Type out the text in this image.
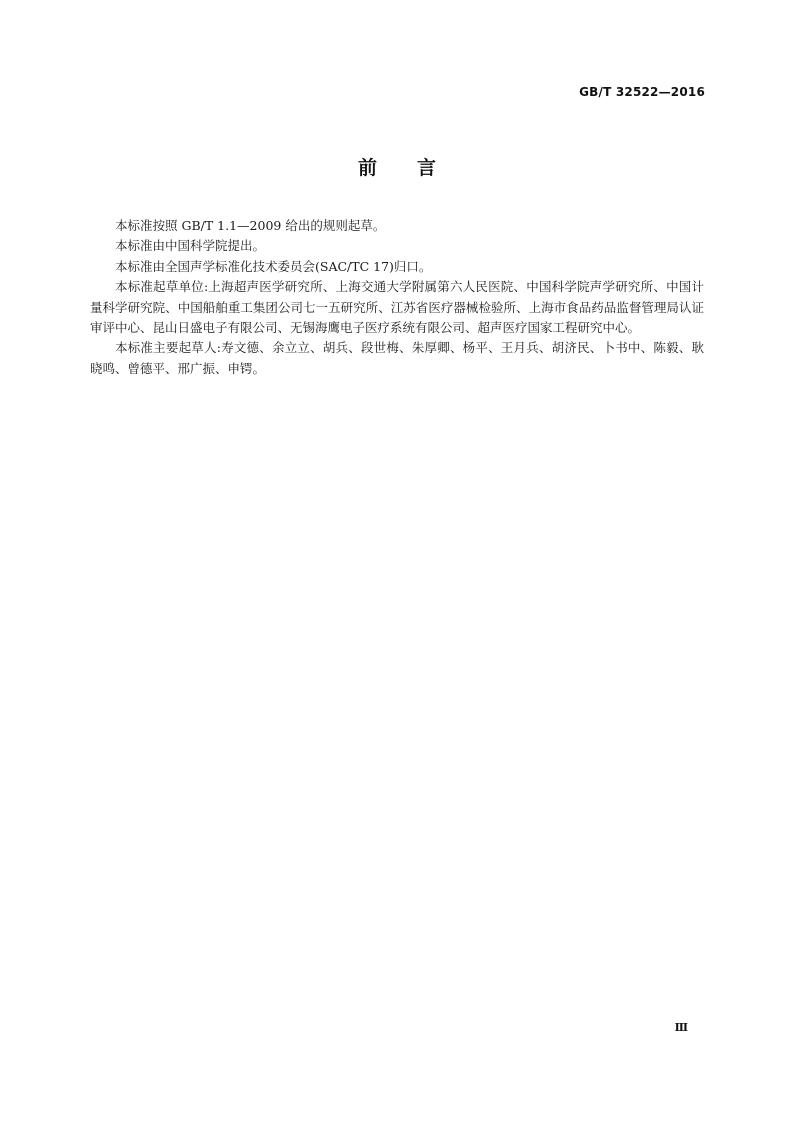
GB/T 32522—2016
前言

本标准按照 GB/T 1.1—2009 给出的规则起草。

本标准由中国科学院提出。

本标准由全国声学标准化技术委员会(SAC/TC 17)归口。

本标准起草单位:上海超声医学研究所、上海交通大学附属第六人民医院、中国科学院声学研究所、中国计量科学研究院、中国船舶重工集团公司七一五研究所、江苏省医疗器械检验所、上海市食品药品监督管理局认证审评中心、昆山日盛电子有限公司、无锡海鹰电子医疗系统有限公司、超声医疗国家工程研究中心。

本标准主要起草人:寿文德、余立立、胡兵、段世梅、朱厚卿、杨平、王月兵、胡济民、卜书中、陈毅、耿晓鸣、曾德平、邢广振、申锷。

Ⅲ
